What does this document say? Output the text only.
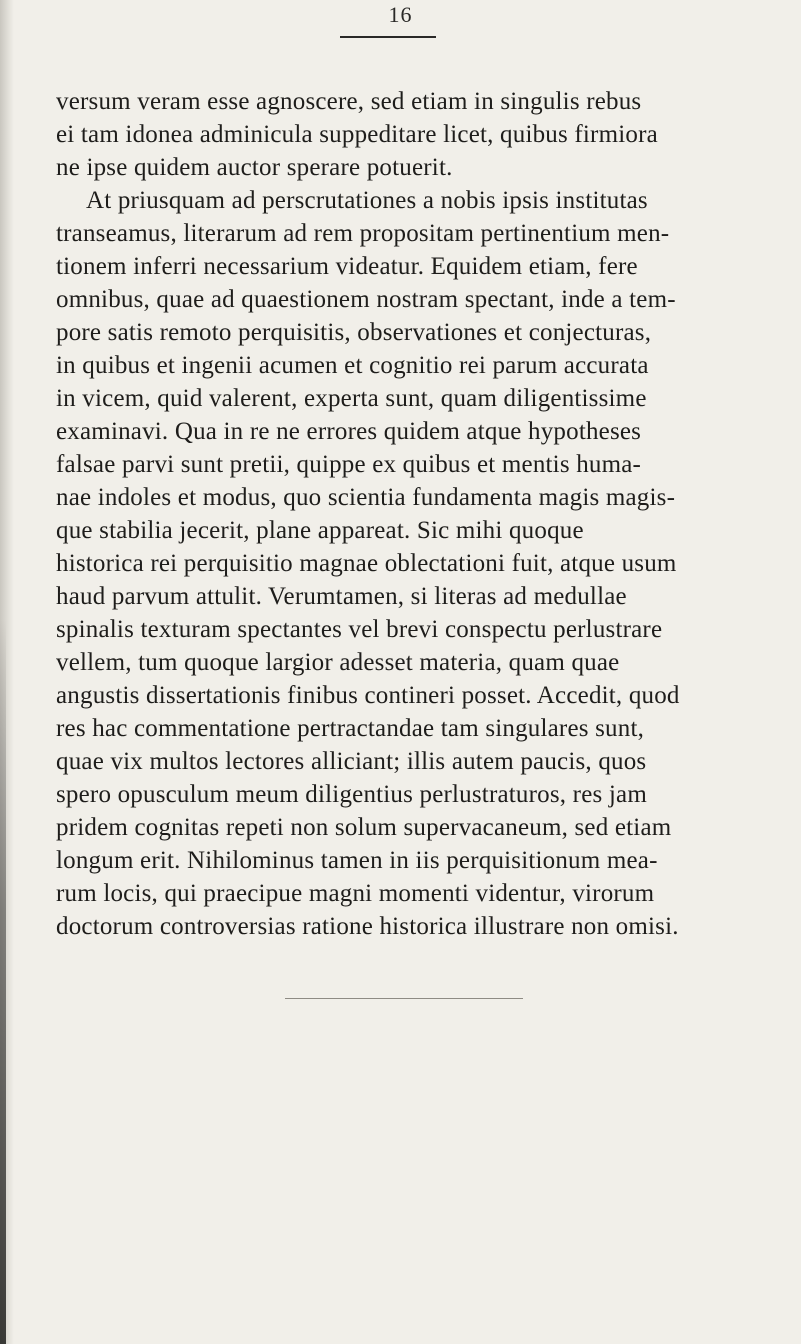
16
versum veram esse agnoscere, sed etiam in singulis rebus
ei tam idonea adminicula suppeditare licet, quibus firmiora
ne ipse quidem auctor sperare potuerit.
At priusquam ad perscrutationes a nobis ipsis institutas
transeamus, literarum ad rem propositam pertinentium men-
tionem inferri necessarium videatur. Equidem etiam, fere
omnibus, quae ad quaestionem nostram spectant, inde a tem-
pore satis remoto perquisitis, observationes et conjecturas,
in quibus et ingenii acumen et cognitio rei parum accurata
in vicem, quid valerent, experta sunt, quam diligentissime
examinavi. Qua in re ne errores quidem atque hypotheses
falsae parvi sunt pretii, quippe ex quibus et mentis huma-
nae indoles et modus, quo scientia fundamenta magis magis-
que stabilia jecerit, plane appareat. Sic mihi quoque
historica rei perquisitio magnae oblectationi fuit, atque usum
haud parvum attulit. Verumtamen, si literas ad medullae
spinalis texturam spectantes vel brevi conspectu perlustrare
vellem, tum quoque largior adesset materia, quam quae
angustis dissertationis finibus contineri posset. Accedit, quod
res hac commentatione pertractandae tam singulares sunt,
quae vix multos lectores alliciant; illis autem paucis, quos
spero opusculum meum diligentius perlustraturos, res jam
pridem cognitas repeti non solum supervacaneum, sed etiam
longum erit. Nihilominus tamen in iis perquisitionum mea-
rum locis, qui praecipue magni momenti videntur, virorum
doctorum controversias ratione historica illustrare non omisi.
